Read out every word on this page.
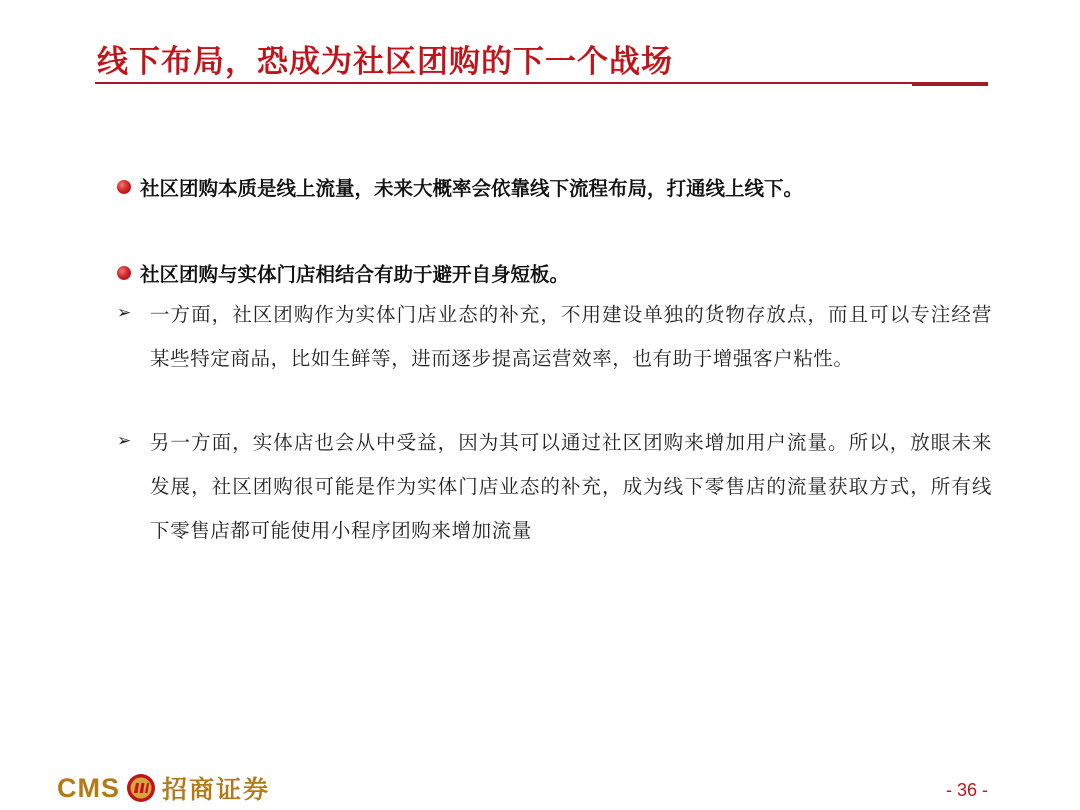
线下布局，恐成为社区团购的下一个战场
社区团购本质是线上流量，未来大概率会依靠线下流程布局，打通线上线下。
社区团购与实体门店相结合有助于避开自身短板。
➢ 一方面，社区团购作为实体门店业态的补充，不用建设单独的货物存放点，而且可以专注经营某些特定商品，比如生鲜等，进而逐步提高运营效率，也有助于增强客户粘性。
➢ 另一方面，实体店也会从中受益，因为其可以通过社区团购来增加用户流量。所以，放眼未来发展，社区团购很可能是作为实体门店业态的补充，成为线下零售店的流量获取方式，所有线下零售店都可能使用小程序团购来增加流量
CMS 招商证券	- 36 -
